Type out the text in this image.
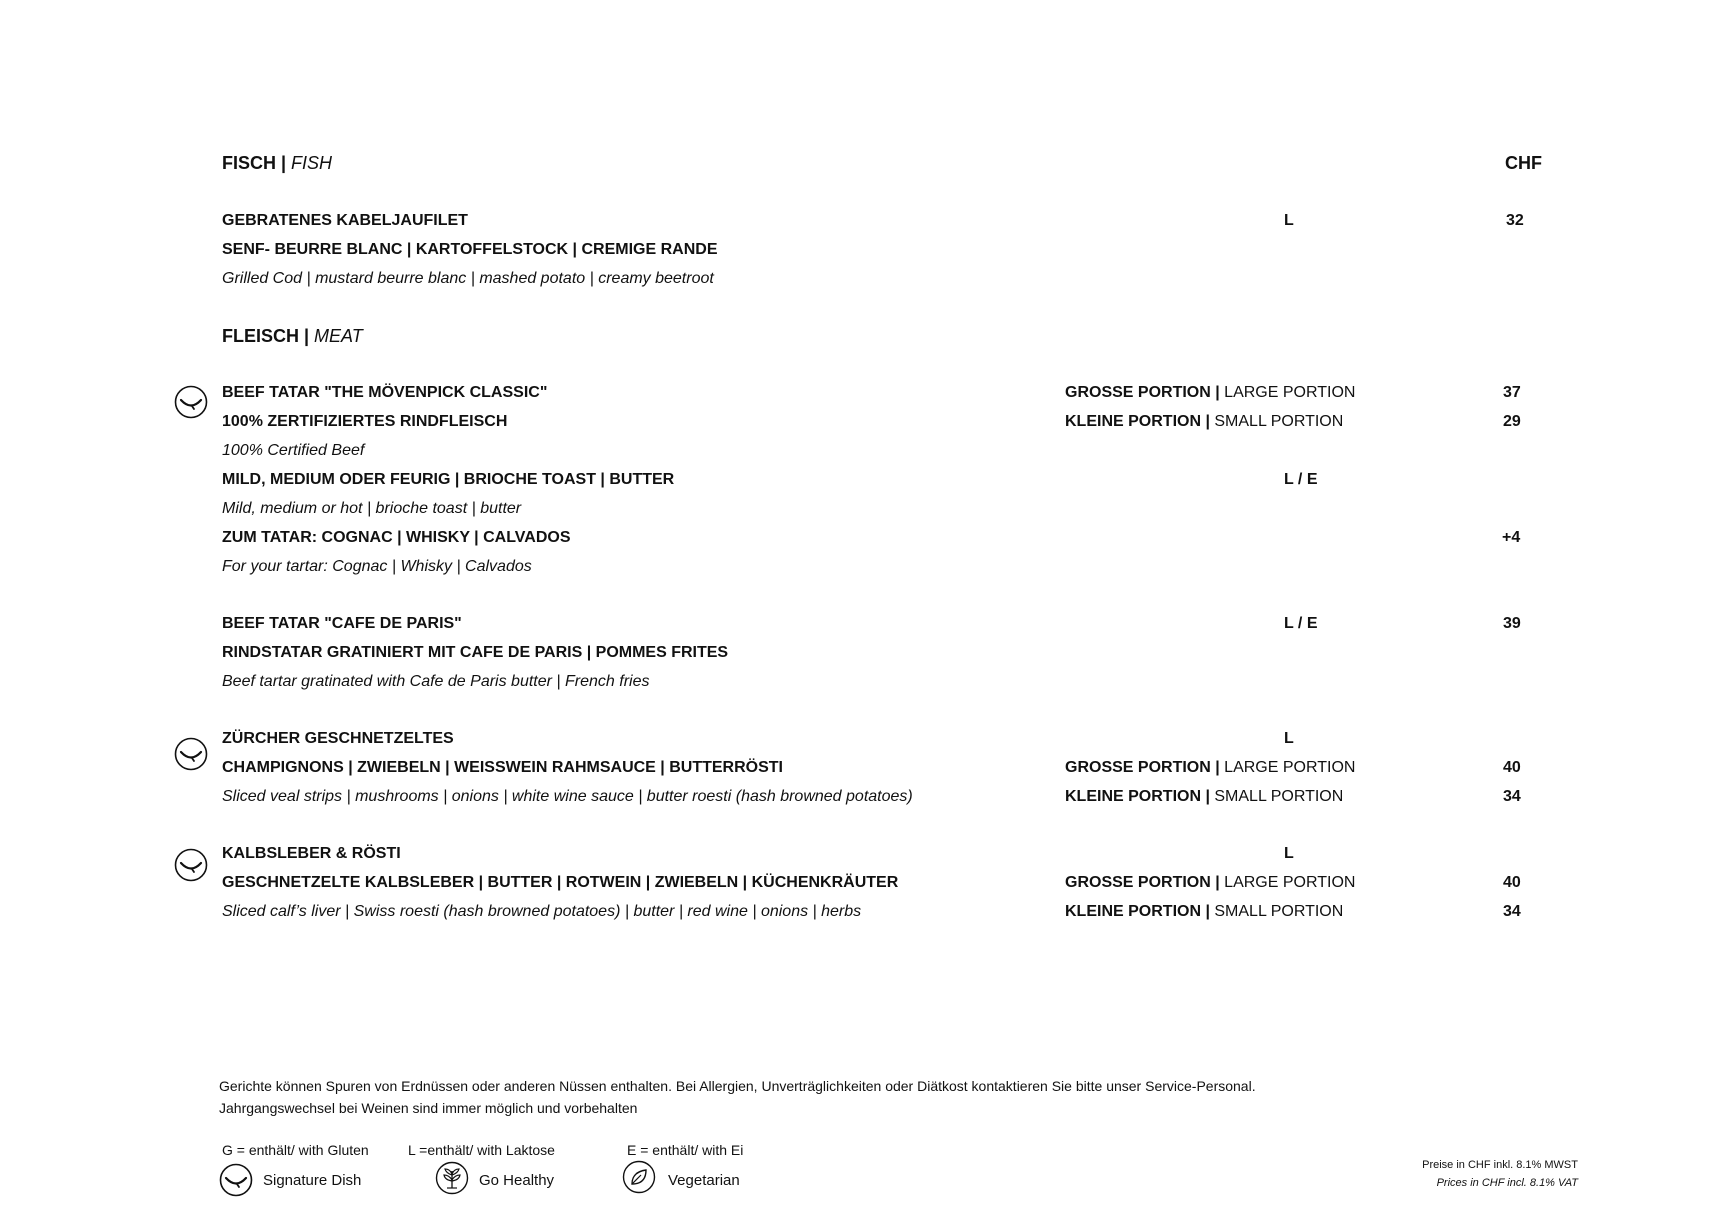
FISCH | FISH	CHF
GEBRATENES KABELJAUFILET	L	32
SENF- BEURRE BLANC | KARTOFFELSTOCK | CREMIGE RANDE
Grilled Cod | mustard beurre blanc | mashed potato | creamy beetroot
FLEISCH | MEAT
BEEF TATAR "THE MÖVENPICK CLASSIC"	GROSSE PORTION | LARGE PORTION	37
100% ZERTIFIZIERTES RINDFLEISCH	KLEINE PORTION | SMALL PORTION	29
100% Certified Beef
MILD, MEDIUM ODER FEURIG | BRIOCHE TOAST | BUTTER	L / E
Mild, medium or hot | brioche toast | butter
ZUM TATAR: COGNAC | WHISKY | CALVADOS	+4
For your tartar: Cognac | Whisky | Calvados
BEEF TATAR "CAFE DE PARIS"	L / E	39
RINDSTATAR GRATINIERT MIT CAFE DE PARIS | POMMES FRITES
Beef tartar gratinated with Cafe de Paris butter | French fries
ZÜRCHER GESCHNETZELTES	L
CHAMPIGNONS | ZWIEBELN | WEISSWEIN RAHMSAUCE | BUTTERRÖSTI	GROSSE PORTION | LARGE PORTION	40
Sliced veal strips | mushrooms | onions | white wine sauce | butter roesti (hash browned potatoes)	KLEINE PORTION | SMALL PORTION	34
KALBSLEBER & RÖSTI	L
GESCHNETZELTE KALBSLEBER | BUTTER | ROTWEIN | ZWIEBELN | KÜCHENKRÄUTER	GROSSE PORTION | LARGE PORTION	40
Sliced calf’s liver | Swiss roesti (hash browned potatoes) | butter | red wine | onions | herbs	KLEINE PORTION | SMALL PORTION	34
Gerichte können Spuren von Erdnüssen oder anderen Nüssen enthalten. Bei Allergien, Unverträglichkeiten oder Diätkost kontaktieren Sie bitte unser Service-Personal.
Jahrgangswechsel bei Weinen sind immer möglich und vorbehalten
G = enthält/ with Gluten	L =enthält/ with Laktose	E = enthält/ with Ei
Signature Dish	Go Healthy	Vegetarian
Preise in CHF inkl. 8.1% MWST
Prices in CHF incl. 8.1% VAT
